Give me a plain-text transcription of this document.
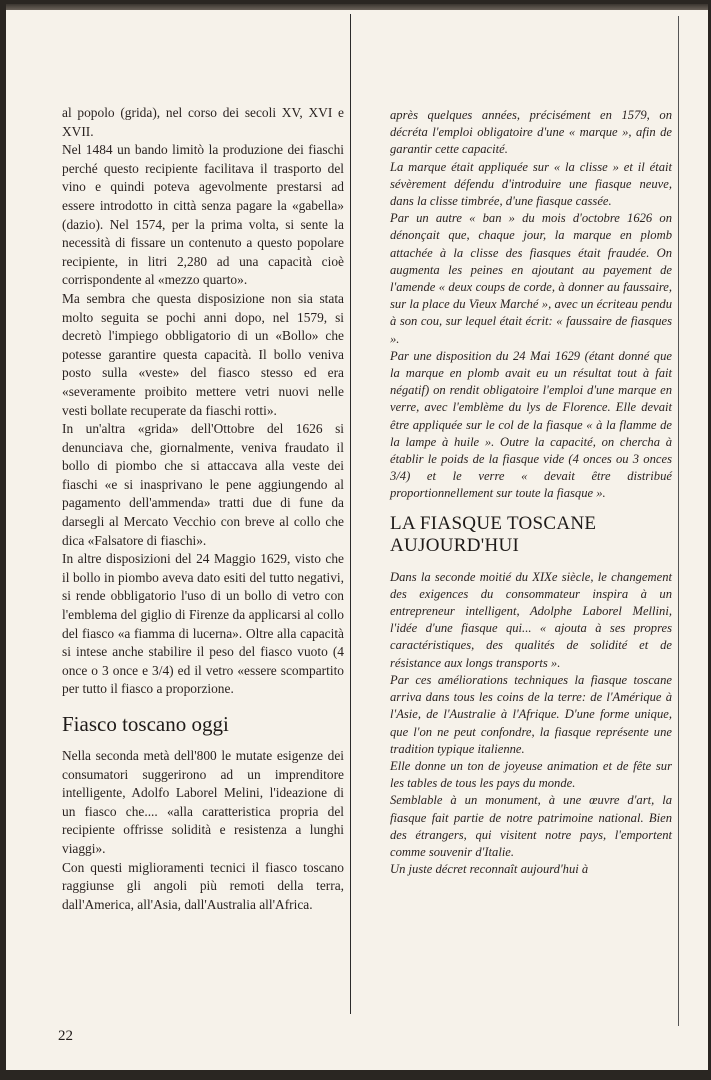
al popolo (grida), nel corso dei secoli XV, XVI e XVII.

Nel 1484 un bando limitò la produzione dei fiaschi perché questo recipiente facilitava il trasporto del vino e quindi poteva agevolmente prestarsi ad essere introdotto in città senza pagare la «gabella» (dazio). Nel 1574, per la prima volta, si sente la necessità di fissare un contenuto a questo popolare recipiente, in litri 2,280 ad una capacità cioè corrispondente al «mezzo quarto».

Ma sembra che questa disposizione non sia stata molto seguita se pochi anni dopo, nel 1579, si decretò l'impiego obbligatorio di un «Bollo» che potesse garantire questa capacità. Il bollo veniva posto sulla «veste» del fiasco stesso ed era «severamente proibito mettere vetri nuovi nelle vesti bollate recuperate da fiaschi rotti».

In un'altra «grida» dell'Ottobre del 1626 si denunciava che, giornalmente, veniva fraudato il bollo di piombo che si attaccava alla veste dei fiaschi «e si inasprivano le pene aggiungendo al pagamento dell'ammenda» tratti due di fune da darsegli al Mercato Vecchio con breve al collo che dica «Falsatore di fiaschi».

In altre disposizioni del 24 Maggio 1629, visto che il bollo in piombo aveva dato esiti del tutto negativi, si rende obbligatorio l'uso di un bollo di vetro con l'emblema del giglio di Firenze da applicarsi al collo del fiasco «a fiamma di lucerna». Oltre alla capacità si intese anche stabilire il peso del fiasco vuoto (4 once o 3 once e 3/4) ed il vetro «essere scompartito per tutto il fiasco a proporzione.

Fiasco toscano oggi

Nella seconda metà dell'800 le mutate esigenze dei consumatori suggerirono ad un imprenditore intelligente, Adolfo Laborel Melini, l'ideazione di un fiasco che.... «alla caratteristica propria del recipiente offrisse solidità e resistenza a lunghi viaggi».

Con questi miglioramenti tecnici il fiasco toscano raggiunse gli angoli più remoti della terra, dall'America, all'Asia, dall'Australia all'Africa.

après quelques années, précisément en 1579, on décréta l'emploi obligatoire d'une « marque », afin de garantir cette capacité.

La marque était appliquée sur « la clisse » et il était sévèrement défendu d'introduire une fiasque neuve, dans la clisse timbrée, d'une fiasque cassée.

Par un autre « ban » du mois d'octobre 1626 on dénonçait que, chaque jour, la marque en plomb attachée à la clisse des fiasques était fraudée. On augmenta les peines en ajoutant au payement de l'amende « deux coups de corde, à donner au faussaire, sur la place du Vieux Marché », avec un écriteau pendu à son cou, sur lequel était écrit: « faussaire de fiasques ».

Par une disposition du 24 Mai 1629 (étant donné que la marque en plomb avait eu un résultat tout à fait négatif) on rendit obligatoire l'emploi d'une marque en verre, avec l'emblème du lys de Florence. Elle devait être appliquée sur le col de la fiasque « à la flamme de la lampe à huile ». Outre la capacité, on chercha à établir le poids de la fiasque vide (4 onces ou 3 onces 3/4) et le verre « devait être distribué proportionnellement sur toute la fiasque ».

LA FIASQUE TOSCANE AUJOURD'HUI

Dans la seconde moitié du XIXe siècle, le changement des exigences du consommateur inspira à un entrepreneur intelligent, Adolphe Laborel Mellini, l'idée d'une fiasque qui... « ajouta à ses propres caractéristiques, des qualités de solidité et de résistance aux longs transports ».

Par ces améliorations techniques la fiasque toscane arriva dans tous les coins de la terre: de l'Amérique à l'Asie, de l'Australie à l'Afrique. D'une forme unique, que l'on ne peut confondre, la fiasque représente une tradition typique italienne.

Elle donne un ton de joyeuse animation et de fête sur les tables de tous les pays du monde.

Semblable à un monument, à une œuvre d'art, la fiasque fait partie de notre patrimoine national. Bien des étrangers, qui visitent notre pays, l'emportent comme souvenir d'Italie.

Un juste décret reconnaît aujourd'hui à

22
